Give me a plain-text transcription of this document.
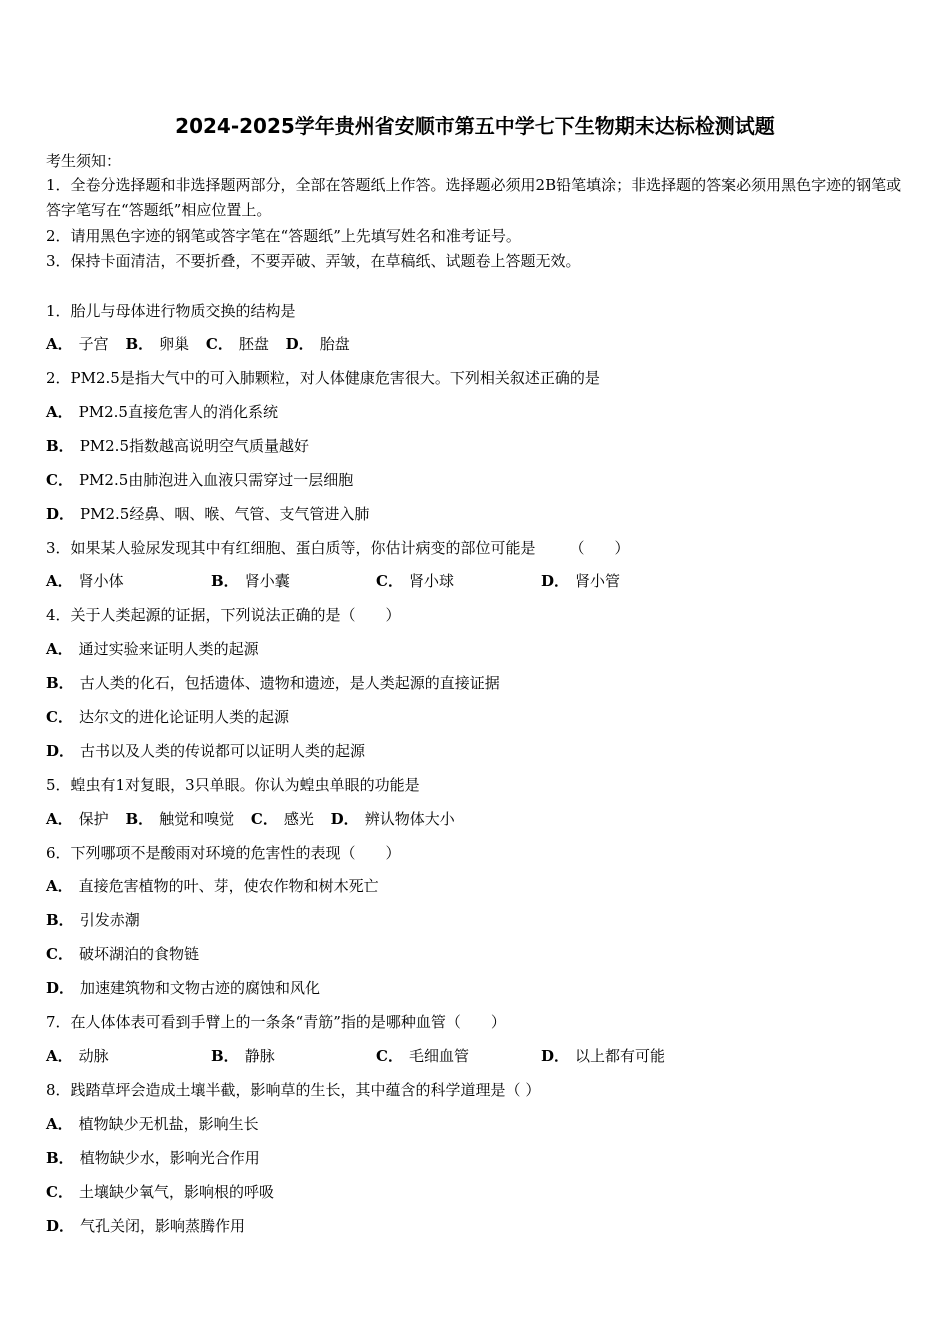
2024-2025学年贵州省安顺市第五中学七下生物期末达标检测试题
考生须知：
1．全卷分选择题和非选择题两部分，全部在答题纸上作答。选择题必须用2B铅笔填涂；非选择题的答案必须用黑色字迹的钢笔或答字笔写在“答题纸”相应位置上。
2．请用黑色字迹的钢笔或答字笔在“答题纸”上先填写姓名和准考证号。
3．保持卡面清洁，不要折叠，不要弄破、弄皱，在草稿纸、试题卷上答题无效。
1．胎儿与母体进行物质交换的结构是
A． 子宫 B． 卵巢 C． 胚盘 D． 胎盘
2．PM2.5是指大气中的可入肺颗粒，对人体健康危害很大。下列相关叙述正确的是
A． PM2.5直接危害人的消化系统
B． PM2.5指数越高说明空气质量越好
C． PM2.5由肺泡进入血液只需穿过一层细胞
D． PM2.5经鼻、咽、喉、气管、支气管进入肺
3．如果某人验尿发现其中有红细胞、蛋白质等，你估计病变的部位可能是 （　　）
A． 肾小体	B． 肾小囊	C． 肾小球	D． 肾小管
4．关于人类起源的证据，下列说法正确的是（　　）
A． 通过实验来证明人类的起源
B． 古人类的化石，包括遗体、遗物和遗迹，是人类起源的直接证据
C． 达尔文的进化论证明人类的起源
D． 古书以及人类的传说都可以证明人类的起源
5．蝗虫有1对复眼，3只单眼。你认为蝗虫单眼的功能是
A． 保护 B． 触觉和嗅觉 C． 感光 D． 辨认物体大小
6．下列哪项不是酸雨对环境的危害性的表现（　　）
A． 直接危害植物的叶、芽，使农作物和树木死亡
B． 引发赤潮
C． 破坏湖泊的食物链
D． 加速建筑物和文物古迹的腐蚀和风化
7．在人体体表可看到手臂上的一条条“青筋”指的是哪种血管（　　）
A． 动脉	B． 静脉	C． 毛细血管	D． 以上都有可能
8．践踏草坪会造成土壤半截，影响草的生长，其中蕴含的科学道理是（ ）
A． 植物缺少无机盐，影响生长
B． 植物缺少水，影响光合作用
C． 土壤缺少氧气，影响根的呼吸
D． 气孔关闭，影响蒸腾作用
